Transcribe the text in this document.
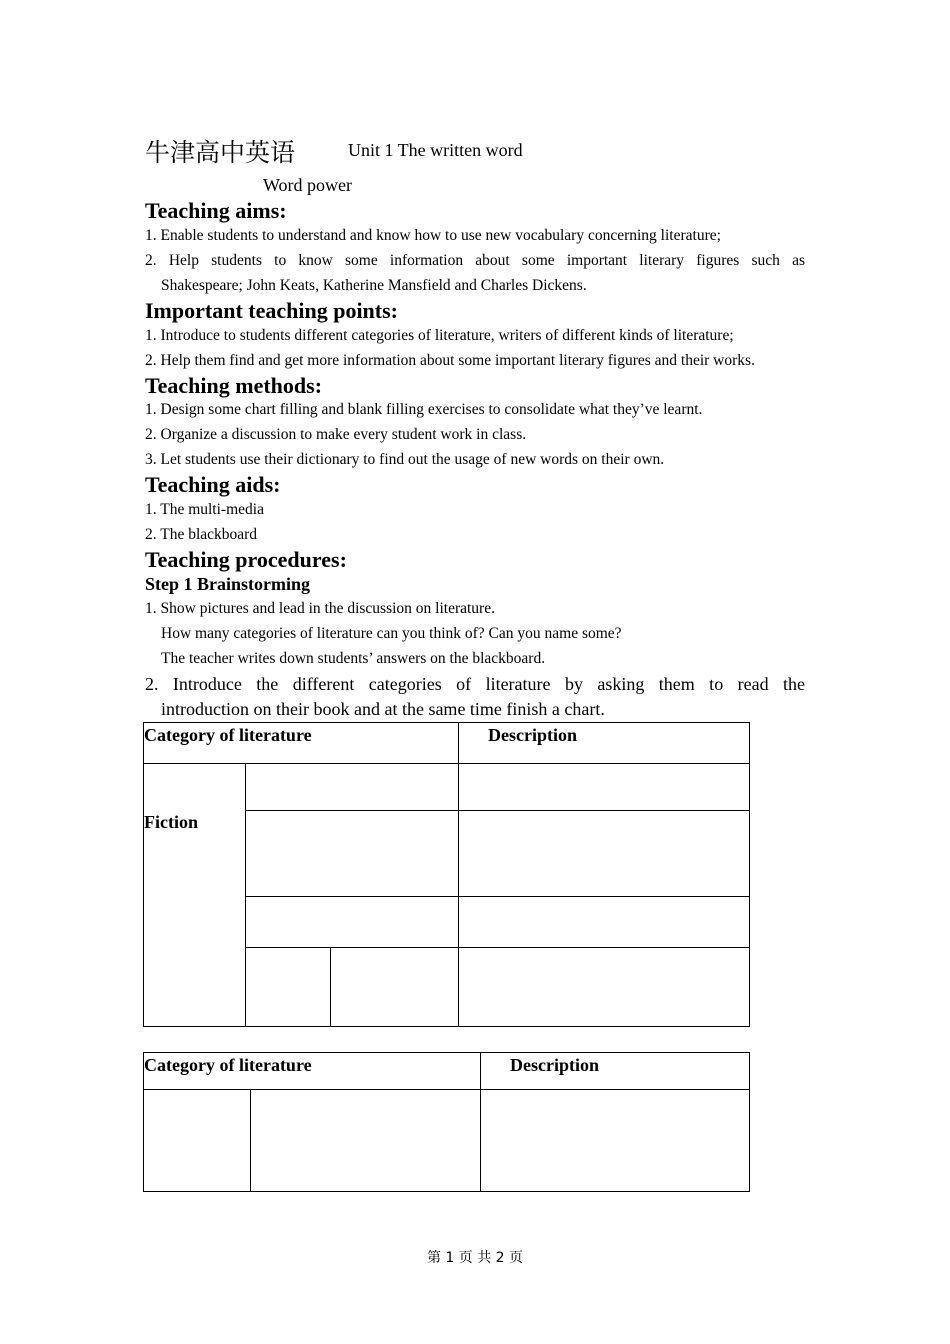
牛津高中英语	Unit 1 The written word
Word power
Teaching aims:
1. Enable students to understand and know how to use new vocabulary concerning literature;
2. Help students to know some information about some important literary figures such as
Shakespeare; John Keats, Katherine Mansfield and Charles Dickens.
Important teaching points:
1. Introduce to students different categories of literature, writers of different kinds of literature;
2. Help them find and get more information about some important literary figures and their works.
Teaching methods:
1. Design some chart filling and blank filling exercises to consolidate what they’ve learnt.
2. Organize a discussion to make every student work in class.
3. Let students use their dictionary to find out the usage of new words on their own.
Teaching aids:
1. The multi-media
2. The blackboard
Teaching procedures:
Step 1 Brainstorming
1. Show pictures and lead in the discussion on literature.
How many categories of literature can you think of? Can you name some?
The teacher writes down students’ answers on the blackboard.
2. Introduce the different categories of literature by asking them to read the
introduction on their book and at the same time finish a chart.
Category of literature	Description
Fiction
Category of literature	Description
第 1 页 共 2 页
